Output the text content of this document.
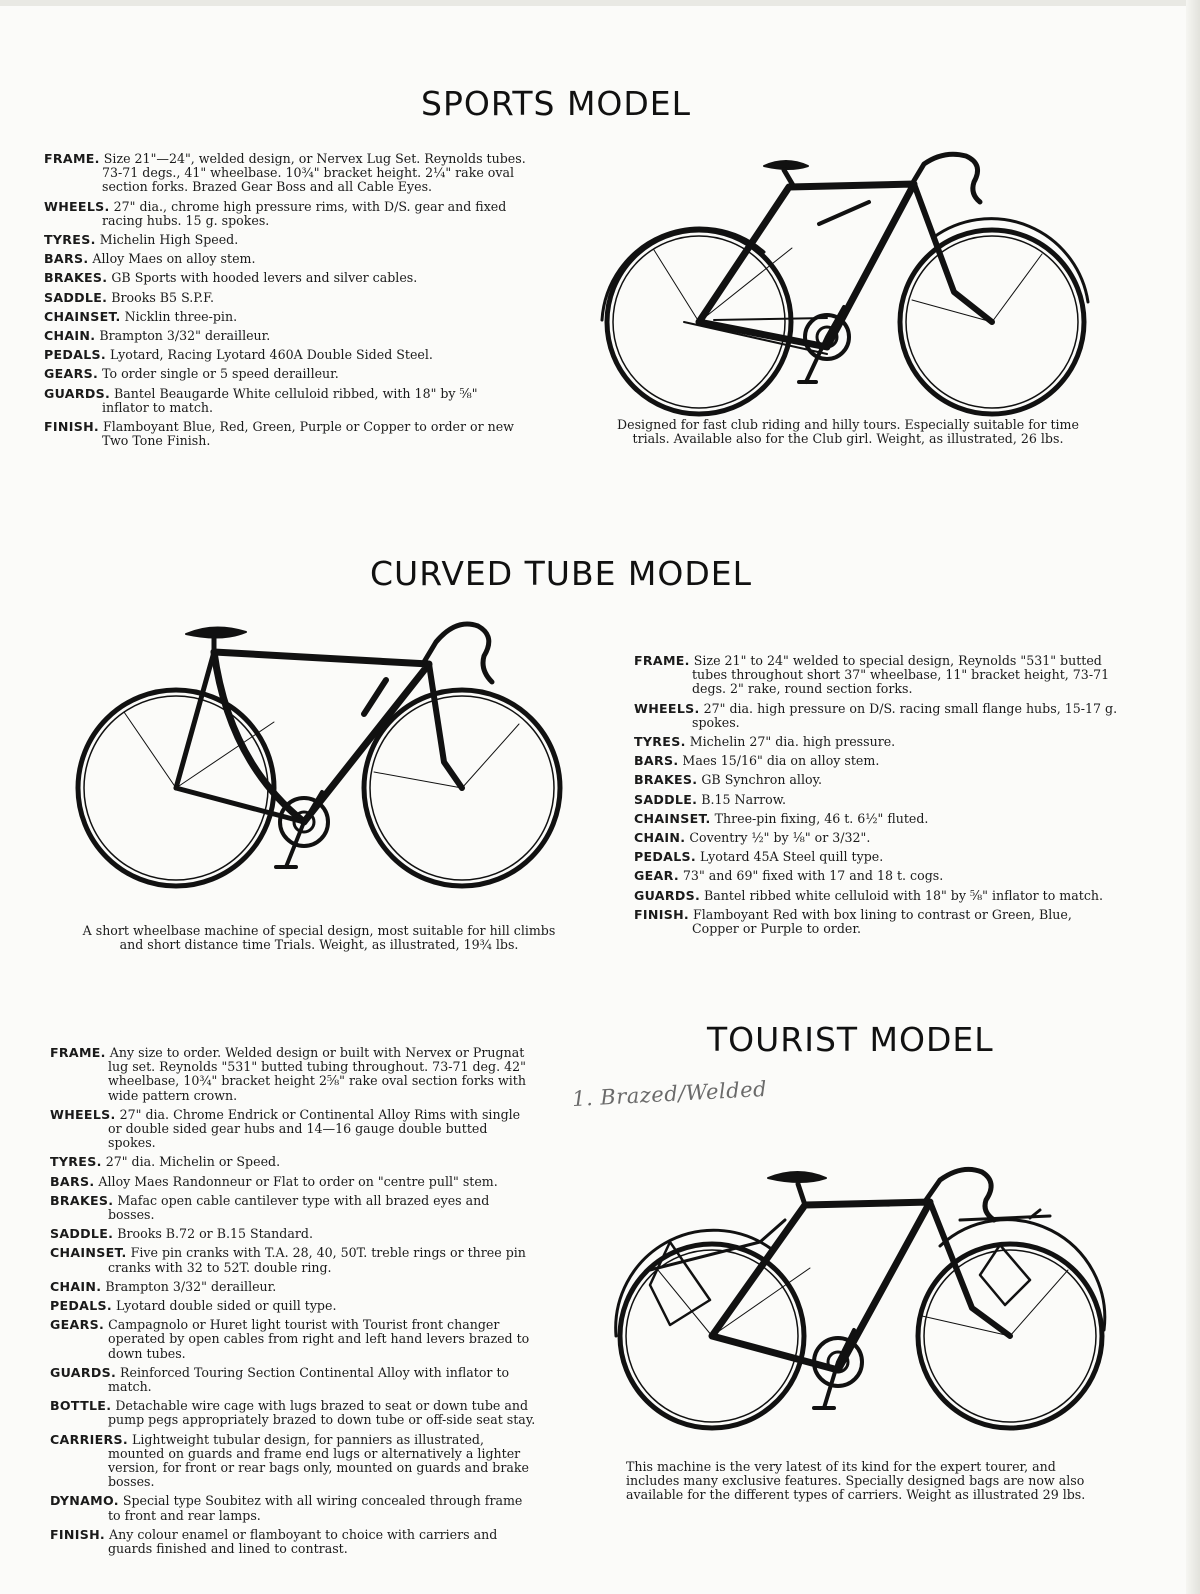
SPORTS MODEL
FRAME. Size 21"—24", welded design, or Nervex Lug Set. Reynolds tubes. 73-71 degs., 41" wheelbase. 10¾" bracket height. 2¼" rake oval section forks. Brazed Gear Boss and all Cable Eyes.
WHEELS. 27" dia., chrome high pressure rims, with D/S. gear and fixed racing hubs. 15 g. spokes.
TYRES. Michelin High Speed.
BARS. Alloy Maes on alloy stem.
BRAKES. GB Sports with hooded levers and silver cables.
SADDLE. Brooks B5 S.P.F.
CHAINSET. Nicklin three-pin.
CHAIN. Brampton 3/32" derailleur.
PEDALS. Lyotard, Racing Lyotard 460A Double Sided Steel.
GEARS. To order single or 5 speed derailleur.
GUARDS. Bantel Beaugarde White celluloid ribbed, with 18" by ⅝" inflator to match.
FINISH. Flamboyant Blue, Red, Green, Purple or Copper to order or new Two Tone Finish.

Designed for fast club riding and hilly tours. Especially suitable for time trials. Available also for the Club girl. Weight, as illustrated, 26 lbs.

CURVED TUBE MODEL

A short wheelbase machine of special design, most suitable for hill climbs and short distance time Trials. Weight, as illustrated, 19¾ lbs.

FRAME. Size 21" to 24" welded to special design, Reynolds "531" butted tubes throughout short 37" wheelbase, 11" bracket height, 73-71 degs. 2" rake, round section forks.
WHEELS. 27" dia. high pressure on D/S. racing small flange hubs, 15-17 g. spokes.
TYRES. Michelin 27" dia. high pressure.
BARS. Maes 15/16" dia on alloy stem.
BRAKES. GB Synchron alloy.
SADDLE. B.15 Narrow.
CHAINSET. Three-pin fixing, 46 t. 6½" fluted.
CHAIN. Coventry ½" by ⅛" or 3/32".
PEDALS. Lyotard 45A Steel quill type.
GEAR. 73" and 69" fixed with 17 and 18 t. cogs.
GUARDS. Bantel ribbed white celluloid with 18" by ⅝" inflator to match.
FINISH. Flamboyant Red with box lining to contrast or Green, Blue, Copper or Purple to order.
TOURIST MODEL
1. Brazed/Welded
FRAME. Any size to order. Welded design or built with Nervex or Prugnat lug set. Reynolds "531" butted tubing throughout. 73-71 deg. 42" wheelbase, 10¾" bracket height 2⅝" rake oval section forks with wide pattern crown.
WHEELS. 27" dia. Chrome Endrick or Continental Alloy Rims with single or double sided gear hubs and 14—16 gauge double butted spokes.
TYRES. 27" dia. Michelin or Speed.
BARS. Alloy Maes Randonneur or Flat to order on "centre pull" stem.
BRAKES. Mafac open cable cantilever type with all brazed eyes and bosses.
SADDLE. Brooks B.72 or B.15 Standard.
CHAINSET. Five pin cranks with T.A. 28, 40, 50T. treble rings or three pin cranks with 32 to 52T. double ring.
CHAIN. Brampton 3/32" derailleur.
PEDALS. Lyotard double sided or quill type.
GEARS. Campagnolo or Huret light tourist with Tourist front changer operated by open cables from right and left hand levers brazed to down tubes.
GUARDS. Reinforced Touring Section Continental Alloy with inflator to match.
BOTTLE. Detachable wire cage with lugs brazed to seat or down tube and pump pegs appropriately brazed to down tube or off-side seat stay.
CARRIERS. Lightweight tubular design, for panniers as illustrated, mounted on guards and frame end lugs or alternatively a lighter version, for front or rear bags only, mounted on guards and brake bosses.
DYNAMO. Special type Soubitez with all wiring concealed through frame to front and rear lamps.
FINISH. Any colour enamel or flamboyant to choice with carriers and guards finished and lined to contrast.

This machine is the very latest of its kind for the expert tourer, and includes many exclusive features. Specially designed bags are now also available for the different types of carriers. Weight as illustrated 29 lbs.
